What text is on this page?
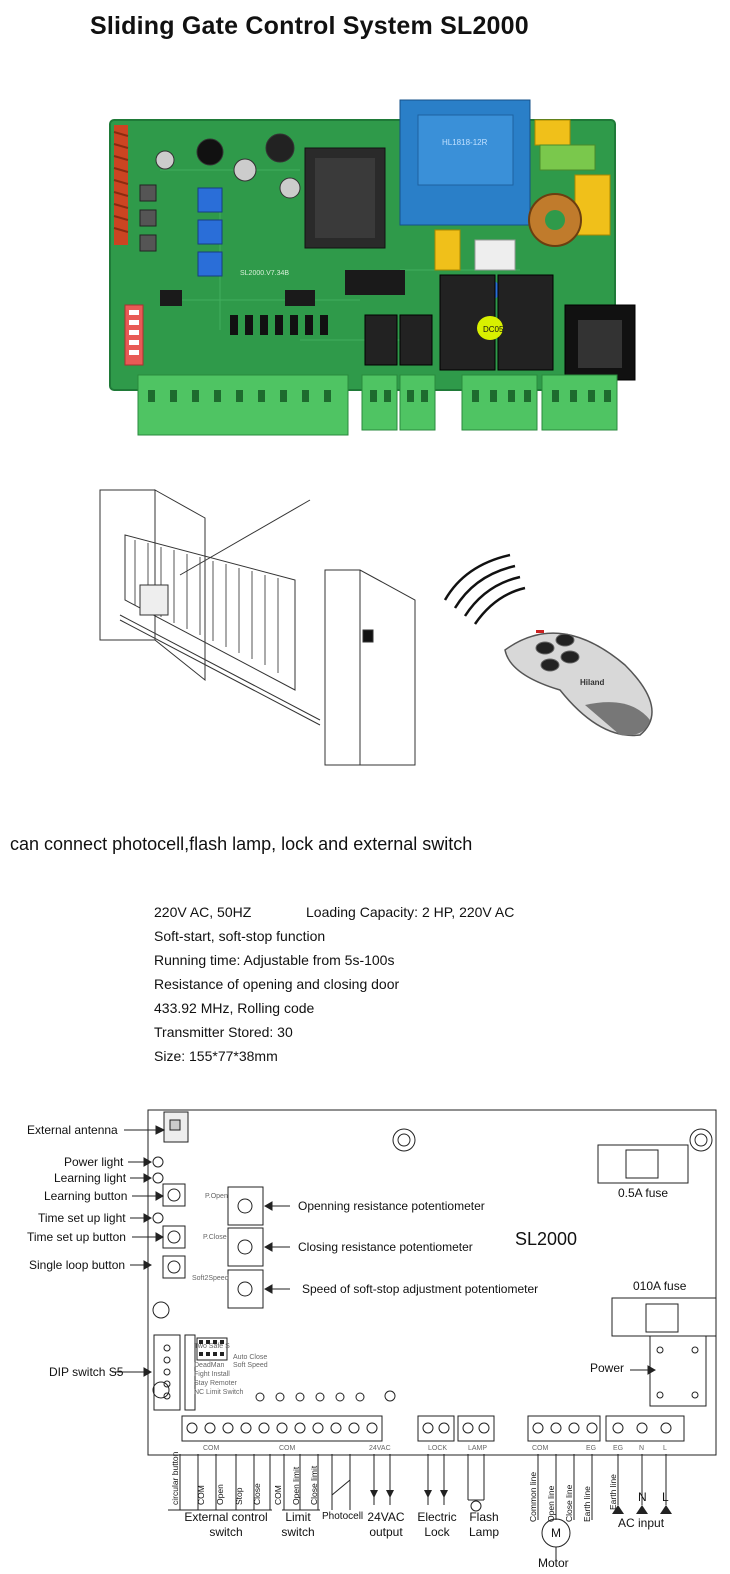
Sliding Gate Control System SL2000
HL1818-12R
DC05
SL2000.V7.34B
Hiland
can connect photocell,flash lamp, lock and external switch
220V AC, 50HZ	Loading Capacity: 2 HP, 220V AC
Soft-start, soft-stop function
Running time: Adjustable from 5s-100s
Resistance of opening and closing door
433.92 MHz, Rolling code
Transmitter Stored: 30
Size: 155*77*38mm
SL2000
External antenna
Power light
Learning light
Learning button
Time set up light
Time set up button
Single loop button
DIP switch S5
Openning resistance potentiometer
Closing resistance potentiometer
Speed of soft-stop adjustment potentiometer
P.Open
P.Close
Soft2Speed
0.5A fuse
010A fuse
Power
Two Safe S
DeadMan
Fight Install
Stay Remoter
NC Limit Switch
Auto Close
Soft Speed
COM	COM	24VAC	LOCK	LAMP	COM	EG EG N	L
circular button COM Open Stop Close COM Open limit Close limit	Common line Open line Close line Earth line Earth line N L
M
External control switch
Limit switch
Photocell 24VAC output
Electric Lock
Flash Lamp
Motor
AC input
